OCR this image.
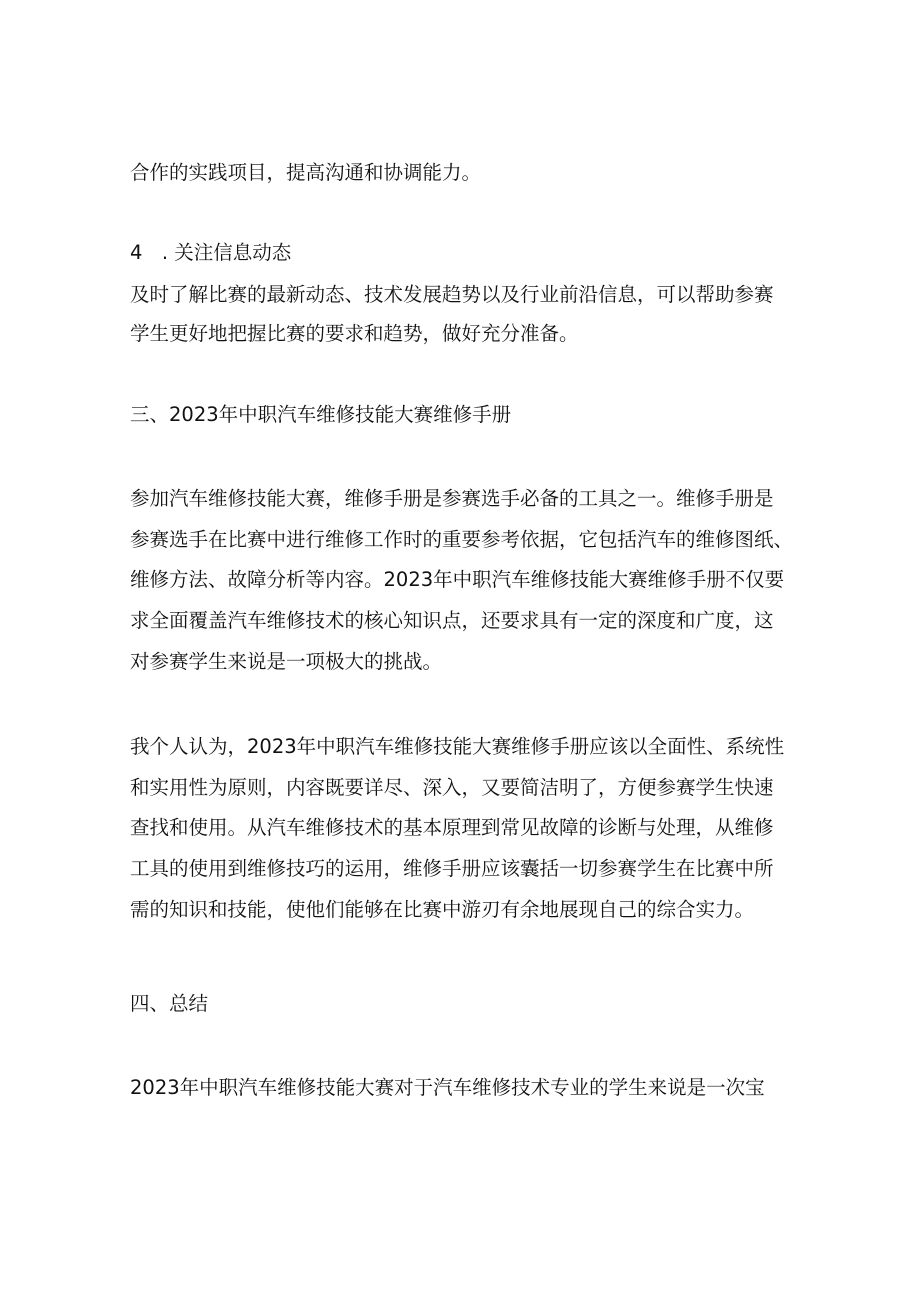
合作的实践项目，提高沟通和协调能力。
4　. 关注信息动态
及时了解比赛的最新动态、技术发展趋势以及行业前沿信息，可以帮助参赛
学生更好地把握比赛的要求和趋势，做好充分准备。
三、2023年中职汽车维修技能大赛维修手册
参加汽车维修技能大赛，维修手册是参赛选手必备的工具之一。维修手册是
参赛选手在比赛中进行维修工作时的重要参考依据，它包括汽车的维修图纸、
维修方法、故障分析等内容。2023年中职汽车维修技能大赛维修手册不仅要
求全面覆盖汽车维修技术的核心知识点，还要求具有一定的深度和广度，这
对参赛学生来说是一项极大的挑战。
我个人认为，2023年中职汽车维修技能大赛维修手册应该以全面性、系统性
和实用性为原则，内容既要详尽、深入，又要简洁明了，方便参赛学生快速
查找和使用。从汽车维修技术的基本原理到常见故障的诊断与处理，从维修
工具的使用到维修技巧的运用，维修手册应该囊括一切参赛学生在比赛中所
需的知识和技能，使他们能够在比赛中游刃有余地展现自己的综合实力。
四、总结
2023年中职汽车维修技能大赛对于汽车维修技术专业的学生来说是一次宝
